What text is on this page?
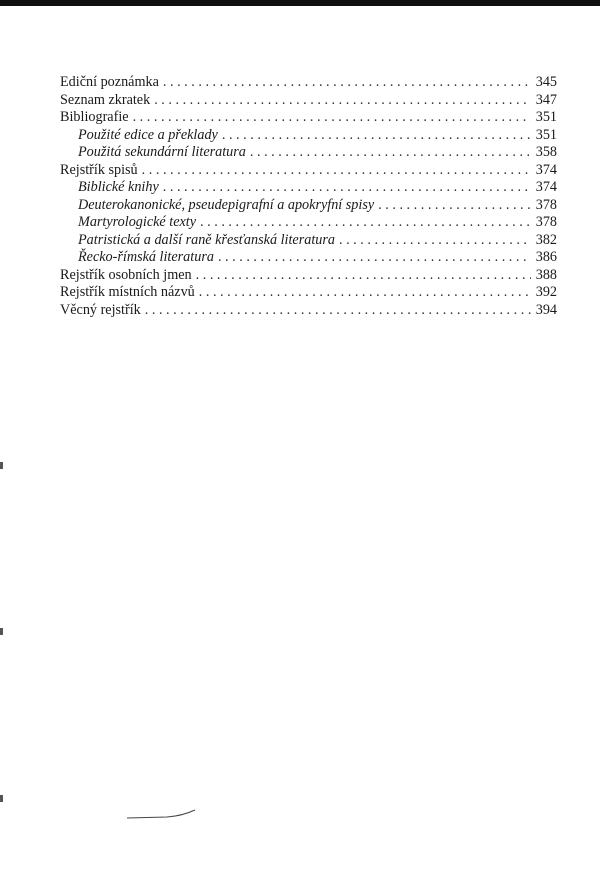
Ediční poznámka . . .	345
Seznam zkratek . . .	347
Bibliografie . . .	351
Použité edice a překlady . . .	351
Použitá sekundární literatura . . .	358
Rejstřík spisů . . .	374
Biblické knihy . . .	374
Deuterokanonické, pseudepigrafní a apokryfní spisy . . .	378
Martyrologické texty . . .	378
Patristická a další raně křesťanská literatura . . .	382
Řecko-římská literatura . . .	386
Rejstřík osobních jmen . . .	388
Rejstřík místních názvů . . .	392
Věcný rejstřík . . .	394
